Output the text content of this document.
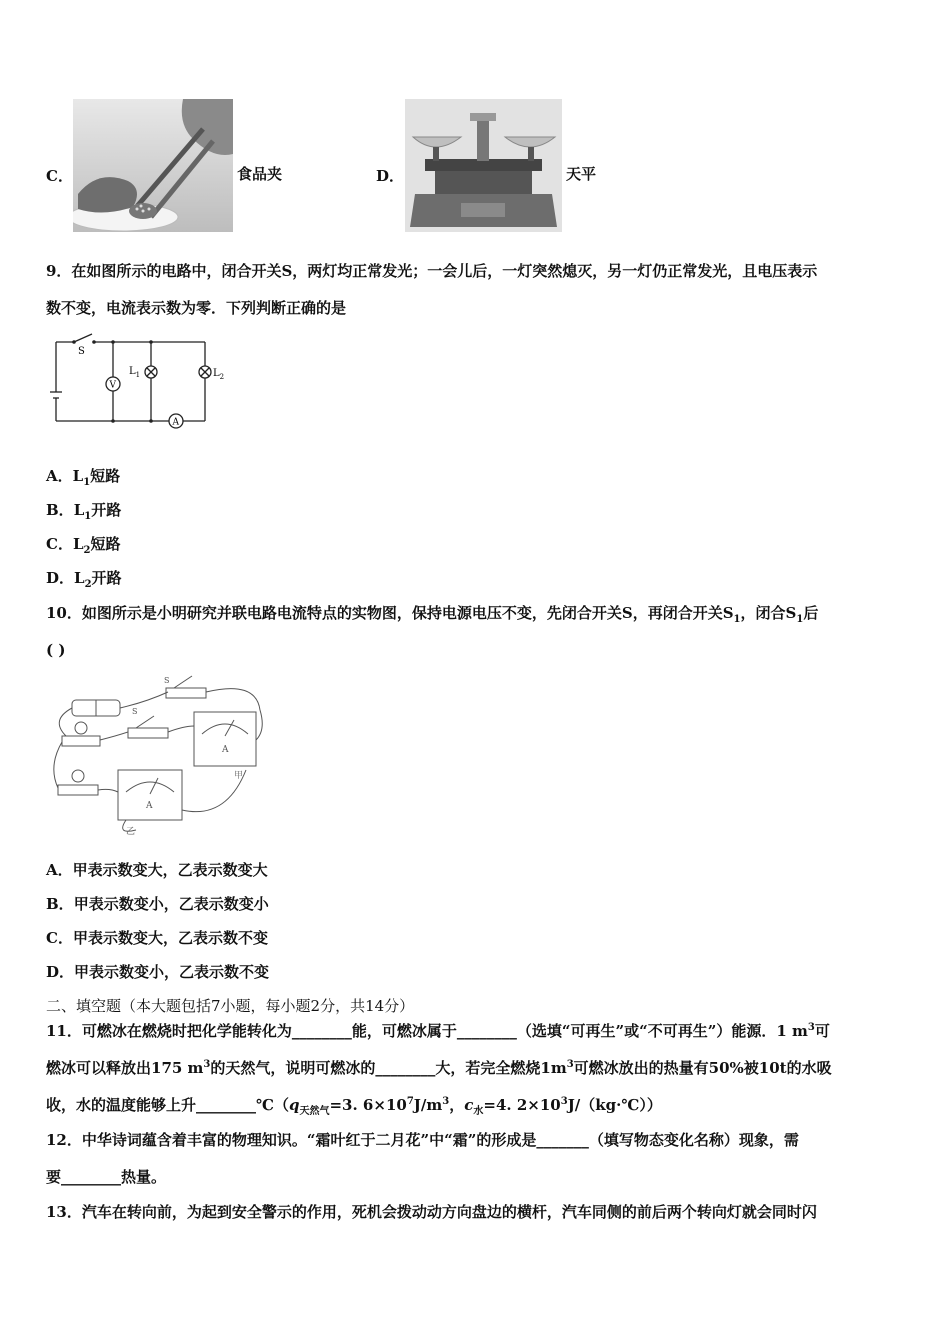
C．	食品夹	D．	天平
9．在如图所示的电路中，闭合开关S，两灯均正常发光；一会儿后，一灯突然熄灭，另一灯仍正常发光，且电压表示
数不变，电流表示数为零．下列判断正确的是
S
V
A
$L_1$	$L_2$
A．$L_1$短路
B．$L_1$开路
C．$L_2$短路
D．$L_2$开路
10．如图所示是小明研究并联电路电流特点的实物图，保持电源电压不变，先闭合开关S，再闭合开关$S_1$，闭合$S_1$后
( )
S
S
A
A
甲
乙
A．甲表示数变大，乙表示数变大
B．甲表示数变小，乙表示数变小
C．甲表示数变大，乙表示数不变
D．甲表示数变小，乙表示数不变
二、填空题（本大题包括7小题，每小题2分，共14分）
11．可燃冰在燃烧时把化学能转化为________能，可燃冰属于________（选填“可再生”或“不可再生”）能源．1 $m^3$可
燃冰可以释放出175 $m^3$的天然气，说明可燃冰的________大，若完全燃烧$1m^3$可燃冰放出的热量有50%被10t的水吸
收，水的温度能够上升$\_\_\_\_\_\_\_\_℃(q_{天然气}=3$. $6\times 10^7J/m^3$，$c_水=4$. $2\times 10^3J/(kg\cdot℃)$）
12．中华诗词蕴含着丰富的物理知识。“霜叶红于二月花”中“霜”的形成是_______（填写物态变化名称）现象，需
要________热量。
13．汽车在转向前，为起到安全警示的作用，死机会拨动动方向盘边的横杆，汽车同侧的前后两个转向灯就会同时闪
